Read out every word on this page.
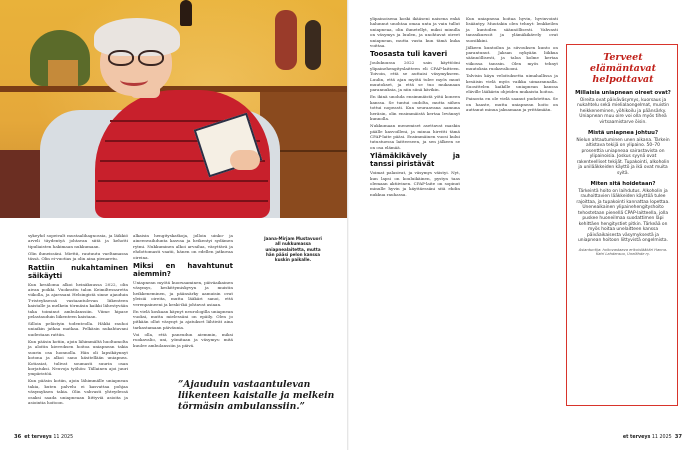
sykeyhd sopeivalt mustaalihagnossia, ja läikkiö arveli täydentyä johtavan siitä ja kehotti tipuliaisten hakimaan nukkumaan.

Olin ihmeissäni. Miettii, rautuutu vaeltamassa tässä. Olin ei-vuotias ja olin aina pienaretu.

Rattiin nukahtaminen säikäytti

Kun kesäloma alkoi heinäkuussa 2022, olin aivan poikki. Vuokrattu talon Keimiltessaretta viikolla, ja ajaessani Helsingistä sinne ajauduin T-risteyksessä vastaantulevan liikenteen kaistalle ja melkein törmäsin kaikki lähestyvään taka toiminut ambulanssiin. Viime hipase pelastauduin liikenteen kaistaan.

Silloin pelästyin todenteolla. Häkki rauhoi uniaikin jatkaa matkaa. Pelkäsin nukahtavani uudestaan rattiin.

Kun pääsin kotiin, ajoin lähimmältä huoltamolta ja aloitin kierroksen hoitoa uniapnean takia suurin osa luonnolla. Hän oli lapsikäynnyt kotona ja alkoi sano käsitellään uniapnea. Kotiasiat, tulivat soumasti suurin osan korjatuksi. Neuvoja työhön: Tällainen ajoi juuri ympäristöä.

Kun pääsin kotiin, ajoin lähimmälle uniapnean takia, kuten palvelu ei kasvattaa pohjaa väsymyksen takia. Olin vahvasti yhteydessä osaksi saada uniapneaan liittyviä asioita ja asiointia hoitoon.

alkaisin hengityskatkoja, jolloin uinko- ja aineenvaihdunta kasvaa ja heikentyi sydämen rytmi. Nukkuminen alkoi arvailua, väsyttävä ja ehdottomasti vaatii, hänen on edellen jatkuvaa oireina.

Miksi en havahtunut aiemmin?

Uniapnean myötä kuorsaaminen, päiväaikainen väsymys, keskittymiskyvyn ja muistin heikkeneminen, ja päänsärky aamuisin ovat yleisiä oireita, mutta lääkäri sanoi, että verenpaineeni ja keski-ikä johtavat asiaan.

En vielä koskaan käynyt neurologilla uniapnean vuoksi, mutta mielessäni on epäily. Olen jo pitkään ollut väsynyt ja ajatukset lähtivät aina tarkastamaan päiväunia.

Voi olla, että paneudun aiemmin, miksi ruokavalio, uni, yömitaan ja väsymys: mitä kuulee ambulanssiin ja päivä.

Jaana-Mirjam Mustavuori all nukkumassa uniapnealaitetta, mutta hän pääsi pelon kanssa kuskin paikalle.
”Ajauduin vastaantulevan liikenteen kaistalle ja melkein törmäsin ambulanssiin.”
36 et terveys 11 2025

ylipainoisena koski ikääseni naisena enkä halunnut unohtaa omaa unta ja vain tullut uniapneaa, olin ihmetellyt, miksi minulla on väsymys ja luulen, ja unohtavat oireet uniapnean, mutta vasta kun tämä kuka voittaa.

Toosasta tuli kaveri

Joulukuussa 2022 sain käyttööni ylipainehengityslaitteen eli CPAP-laitteen. Toivoin, että se auttaisi väsymykseen. Luulin, että ajan myötä tulee myös muut muutokset, ja että se tuo mukanaan parannuksia, ja niin siinä kävikin.

En ikinä unohda ensimmäistä yötä koneen kanssa. Se tuntui oudolta, mutta siihen tottui nopeasti. Kun seuraavana aamuna heräsin, olin ensimmäistä kertaa levännyt kunnolla.

Nukkumaan menemiset asettavat maskin päälle kasvoilleni, ja minua hirvitti tämä CPAP-laite pääsi. Ensimmäinen vuosi kului tutustuessa laitteeseen, ja sen jälkeen se on osa elämää.

Ylämäkikävely ja tanssi piristävät

Voimat palasivat, ja väsymys väistyi. Nyt, kun lapsi on kouluikäinen, pystyn taas olemaan aktiivinen. CPAP-laite on sopinut minulle hyvin ja käyttäessäni sitä ehdin nukkua rauhassa.

Kun uniapneaa hoitaa hyvin, hyvinvointi lisääntyy. Muutakin olen tehnyt: lenkkeilen ja kuntoilen säännöllisesti. Vahvasti tanssikurssit ja ylämäkikävely ovat suosikkini.

Jälkeen kuntoilun ja siivouksen kunto on parantunut. Jaksan nykyään liikkua säännöllisesti, ja taloa kolme kertaa viikossa tanssin. Olen myös tehnyt muutoksia ruokavaliooni.

Talvisin käyn veloituksetta uimahallissa ja kesäisin vielä myös vaikka uimarannalla. Suosittelen kaikille uniapnean kanssa eläville lääkärin ohjeiden mukaista hoitoa.

Painosta en ole vielä saanut pudotettua. Se on haaste, mutta uniapnean hoito on auttanut minua jaksamaan ja yrittämään.

Terveet elämäntavat helpottavat
Millaisia uniapnean oireet ovat?

Oireita ovat päiväväsymys, kuorsaus ja nukahtelu sekä mielialaongelmat, muistin heikkeneminen, yöhikoilu ja päänsärky. Uniapnean muu oire voi olla myös tiheä virtsaamistarve öisin.

Mistä uniapnea johtuu?

Nielun ahtautuminen unen aikana. Tärkein altistava tekijä on ylipaino. 50–70 prosenttia uniapneaa sairastavista on ylipainoisia. Joskus syynä ovat rakenteelliset tekijät. Tupakointi, alkoholin ja unilääkkeiden käyttö ja ikä ovat muita syitä.

Miten sitä hoidetaan?

Tärkeintä hoito on laihdutus. Alkoholin ja rauhoittavien lääkkeiden käyttöä tulee rajoittaa, ja tupakointi kannattaa lopettaa. Uneneaikainen ylipainehengityshoito tehostetaan pienellä CPAP-laitteella, jolla puskee huoneilmaa suodattimen läpi kehittäen hengitystiet pitkin. Tärkeää on myös hoitaa unelaitteen kanssa päiväaikaisesta väsymyksestä ja uniapnean hoitoon liittyvistä ongelmista.

Asiantuntija: hoitovastaava erikoislääkäri Hanna-Katri Lahdensuo, Unelähde ry.

et terveys 11 2025 37
